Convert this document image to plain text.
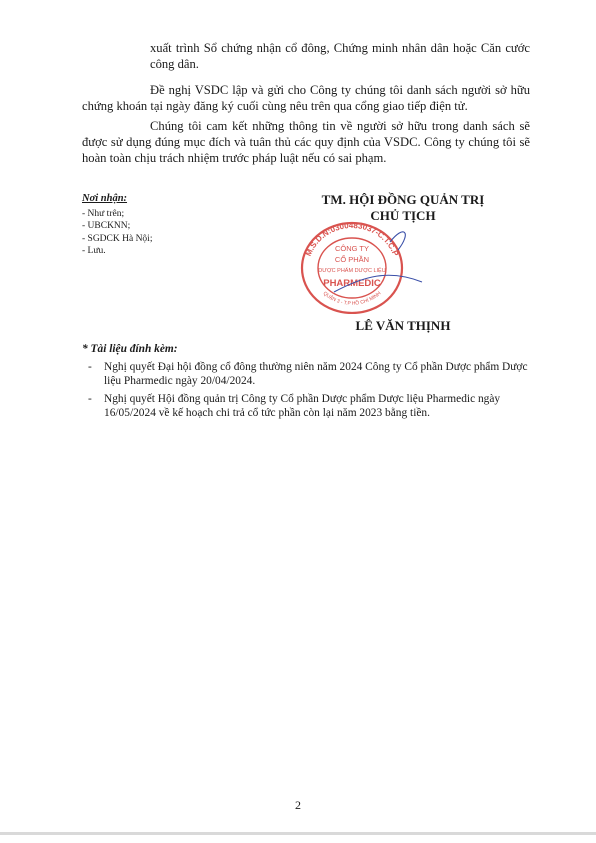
xuất trình Sổ chứng nhận cổ đông, Chứng minh nhân dân hoặc Căn cước công dân.

Đề nghị VSDC lập và gửi cho Công ty chúng tôi danh sách người sở hữu chứng khoán tại ngày đăng ký cuối cùng nêu trên qua cổng giao tiếp điện tử.

Chúng tôi cam kết những thông tin về người sở hữu trong danh sách sẽ được sử dụng đúng mục đích và tuân thủ các quy định của VSDC. Công ty chúng tôi sẽ hoàn toàn chịu trách nhiệm trước pháp luật nếu có sai phạm.

Nơi nhận:
- Như trên;
- UBCKNN;
- SGDCK Hà Nội;
- Lưu.
TM. HỘI ĐỒNG QUẢN TRỊ
CHỦ TỊCH
M.S.D.N:0300483037-C.T.C.P
QUẬN 3 - T.P HỒ CHÍ MINH
CÔNG TY
CỔ PHẦN
DƯỢC PHẨM DƯỢC LIỆU
PHARMEDIC
LÊ VĂN THỊNH
* Tài liệu đính kèm:
- Nghị quyết Đại hội đồng cổ đông thường niên năm 2024 Công ty Cổ phần Dược phẩm Dược liệu Pharmedic ngày 20/04/2024.
- Nghị quyết Hội đồng quản trị Công ty Cổ phần Dược phẩm Dược liệu Pharmedic ngày 16/05/2024 về kế hoạch chi trả cổ tức phần còn lại năm 2023 bằng tiền.
2
